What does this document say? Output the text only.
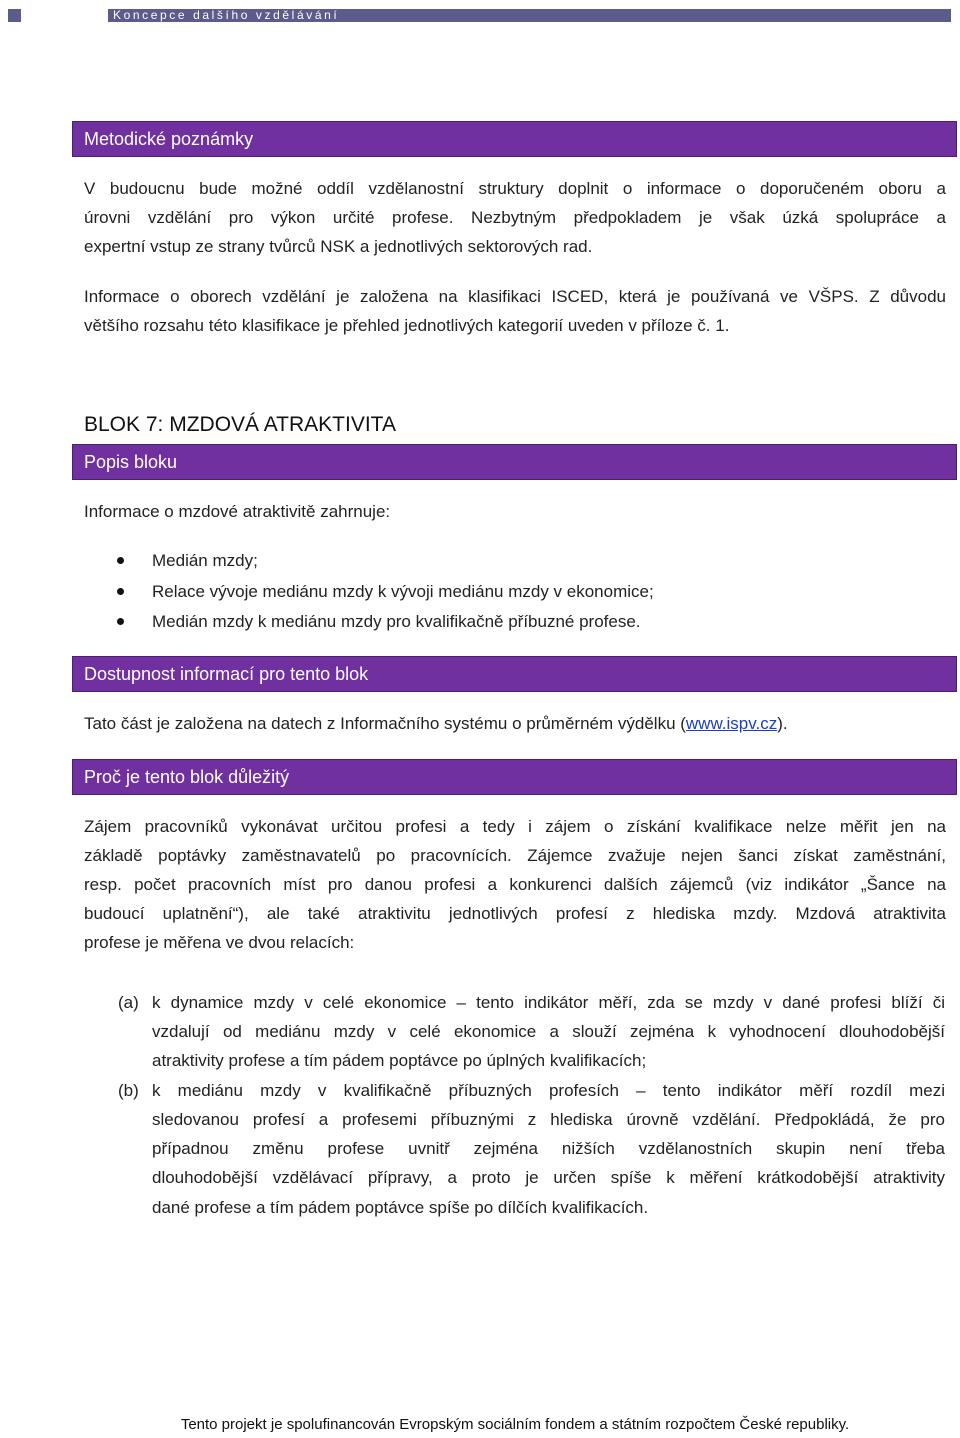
Koncepce dalšího vzdělávání
Metodické poznámky
V budoucnu bude možné oddíl vzdělanostní struktury doplnit o informace o doporučeném oboru a
úrovni vzdělání pro výkon určité profese. Nezbytným předpokladem je však úzká spolupráce a
expertní vstup ze strany tvůrců NSK a jednotlivých sektorových rad.
Informace o oborech vzdělání je založena na klasifikaci ISCED, která je používaná ve VŠPS. Z důvodu
většího rozsahu této klasifikace je přehled jednotlivých kategorií uveden v příloze č. 1.
BLOK 7: MZDOVÁ ATRAKTIVITA
Popis bloku
Informace o mzdové atraktivitě zahrnuje:
Medián mzdy;
Relace vývoje mediánu mzdy k vývoji mediánu mzdy v ekonomice;
Medián mzdy k mediánu mzdy pro kvalifikačně příbuzné profese.
Dostupnost informací pro tento blok
Tato část je založena na datech z Informačního systému o průměrném výdělku (www.ispv.cz).
Proč je tento blok důležitý
Zájem pracovníků vykonávat určitou profesi a tedy i zájem o získání kvalifikace nelze měřit jen na
základě poptávky zaměstnavatelů po pracovnících. Zájemce zvažuje nejen šanci získat zaměstnání,
resp. počet pracovních míst pro danou profesi a konkurenci dalších zájemců (viz indikátor „Šance na
budoucí uplatnění“), ale také atraktivitu jednotlivých profesí z hlediska mzdy. Mzdová atraktivita
profese je měřena ve dvou relacích:
(a) k dynamice mzdy v celé ekonomice – tento indikátor měří, zda se mzdy v dané profesi blíží či
vzdalují od mediánu mzdy v celé ekonomice a slouží zejména k vyhodnocení dlouhodobější
atraktivity profese a tím pádem poptávce po úplných kvalifikacích;
(b) k mediánu mzdy v kvalifikačně příbuzných profesích – tento indikátor měří rozdíl mezi
sledovanou profesí a profesemi příbuznými z hlediska úrovně vzdělání. Předpokládá, že pro
případnou změnu profese uvnitř zejména nižších vzdělanostních skupin není třeba
dlouhodobější vzdělávací přípravy, a proto je určen spíše k měření krátkodobější atraktivity
dané profese a tím pádem poptávce spíše po dílčích kvalifikacích.
Tento projekt je spolufinancován Evropským sociálním fondem a státním rozpočtem České republiky.
